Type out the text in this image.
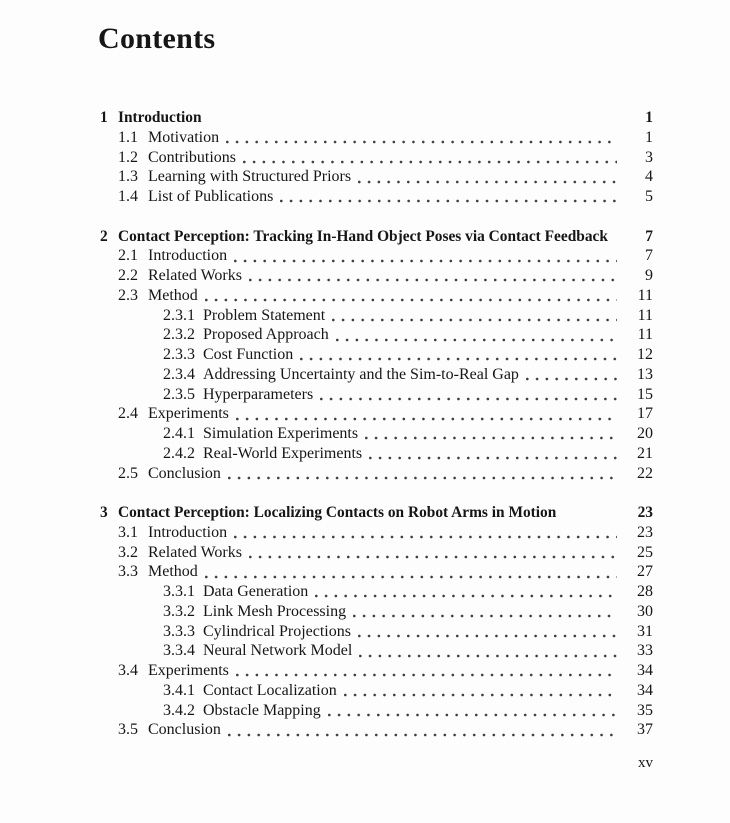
Contents
1 Introduction	1
1.1 Motivation	1
1.2 Contributions	3
1.3 Learning with Structured Priors	4
1.4 List of Publications	5
2 Contact Perception: Tracking In-Hand Object Poses via Contact Feedback	7
2.1 Introduction	7
2.2 Related Works	9
2.3 Method	11
2.3.1 Problem Statement	11
2.3.2 Proposed Approach	11
2.3.3 Cost Function	12
2.3.4 Addressing Uncertainty and the Sim-to-Real Gap	13
2.3.5 Hyperparameters	15
2.4 Experiments	17
2.4.1 Simulation Experiments	20
2.4.2 Real-World Experiments	21
2.5 Conclusion	22
3 Contact Perception: Localizing Contacts on Robot Arms in Motion	23
3.1 Introduction	23
3.2 Related Works	25
3.3 Method	27
3.3.1 Data Generation	28
3.3.2 Link Mesh Processing	30
3.3.3 Cylindrical Projections	31
3.3.4 Neural Network Model	33
3.4 Experiments	34
3.4.1 Contact Localization	34
3.4.2 Obstacle Mapping	35
3.5 Conclusion	37
xv
